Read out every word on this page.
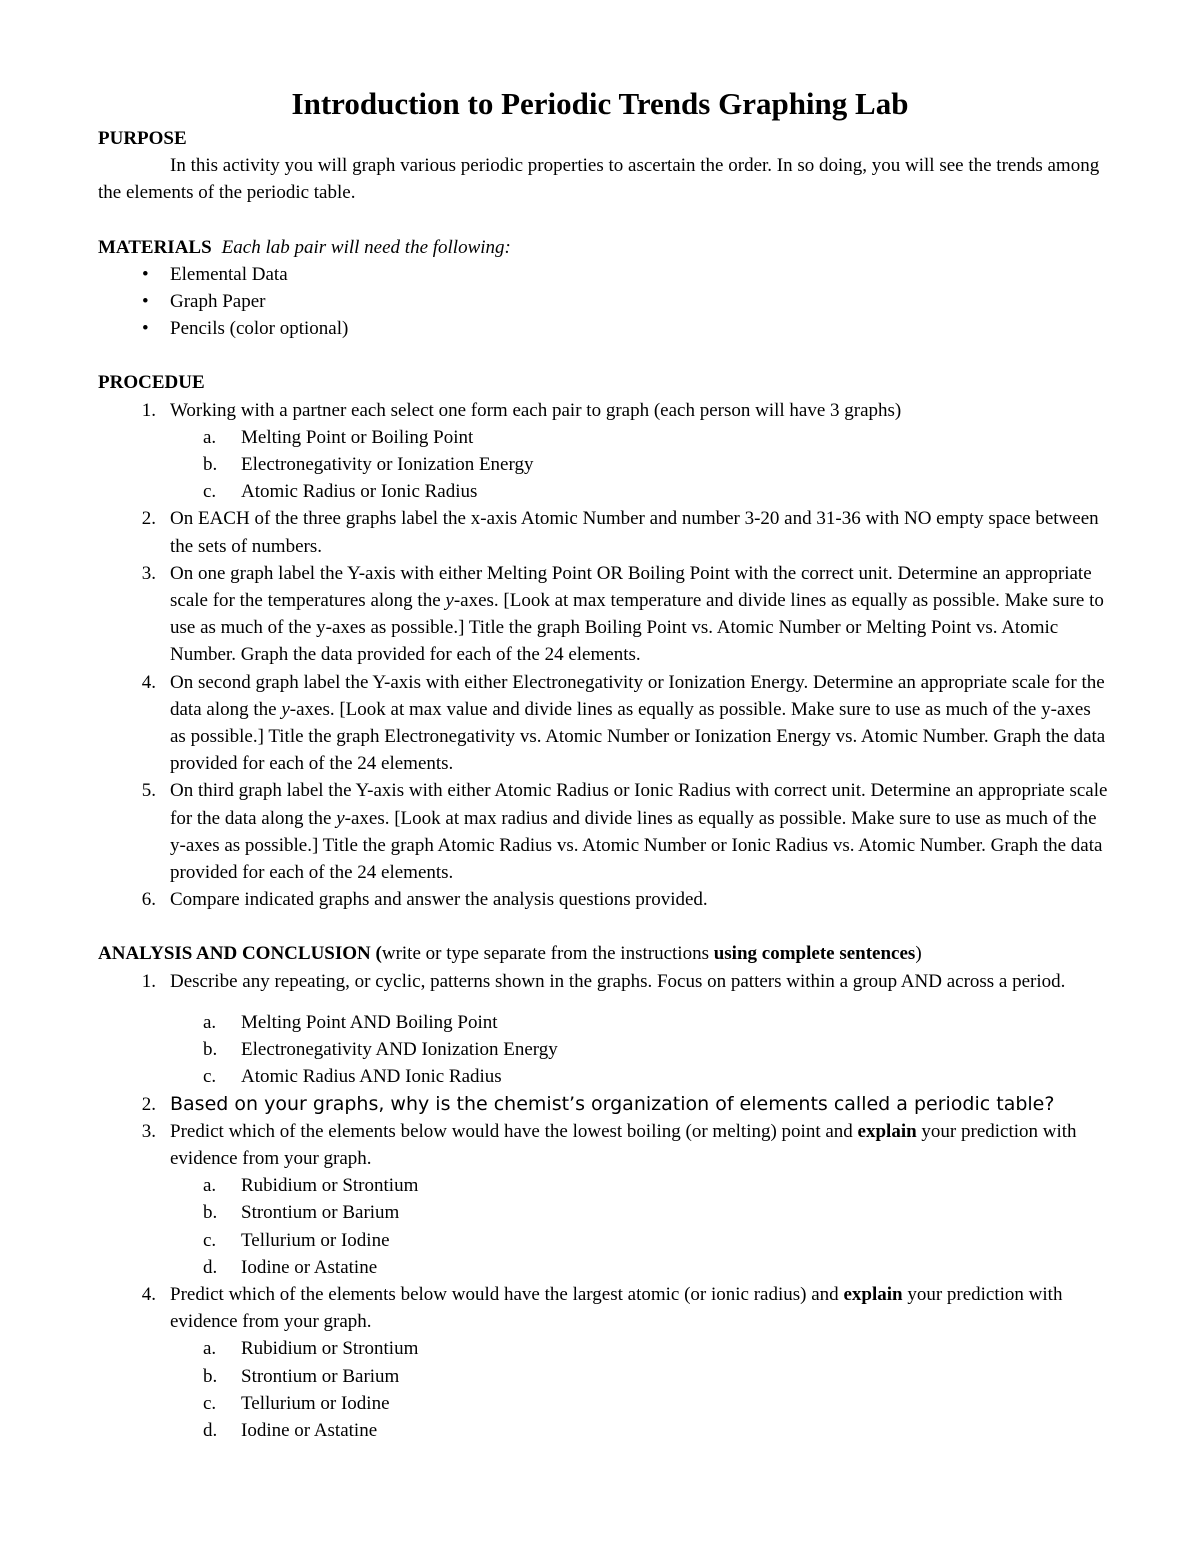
Introduction to Periodic Trends Graphing Lab
PURPOSE
In this activity you will graph various periodic properties to ascertain the order. In so doing, you will see the trends among the elements of the periodic table.
MATERIALS Each lab pair will need the following:
• Elemental Data
• Graph Paper
• Pencils (color optional)
PROCEDUE
1. Working with a partner each select one form each pair to graph (each person will have 3 graphs)
a. Melting Point or Boiling Point
b. Electronegativity or Ionization Energy
c. Atomic Radius or Ionic Radius
2. On EACH of the three graphs label the x-axis Atomic Number and number 3-20 and 31-36 with NO empty space between the sets of numbers.
3. On one graph label the Y-axis with either Melting Point OR Boiling Point with the correct unit. Determine an appropriate scale for the temperatures along the y-axes. [Look at max temperature and divide lines as equally as possible. Make sure to use as much of the y-axes as possible.] Title the graph Boiling Point vs. Atomic Number or Melting Point vs. Atomic Number. Graph the data provided for each of the 24 elements.
4. On second graph label the Y-axis with either Electronegativity or Ionization Energy. Determine an appropriate scale for the data along the y-axes. [Look at max value and divide lines as equally as possible. Make sure to use as much of the y-axes as possible.] Title the graph Electronegativity vs. Atomic Number or Ionization Energy vs. Atomic Number. Graph the data provided for each of the 24 elements.
5. On third graph label the Y-axis with either Atomic Radius or Ionic Radius with correct unit. Determine an appropriate scale for the data along the y-axes. [Look at max radius and divide lines as equally as possible. Make sure to use as much of the y-axes as possible.] Title the graph Atomic Radius vs. Atomic Number or Ionic Radius vs. Atomic Number. Graph the data provided for each of the 24 elements.
6. Compare indicated graphs and answer the analysis questions provided.
ANALYSIS AND CONCLUSION (write or type separate from the instructions using complete sentences)
1. Describe any repeating, or cyclic, patterns shown in the graphs. Focus on patters within a group AND across a period.
a. Melting Point AND Boiling Point
b. Electronegativity AND Ionization Energy
c. Atomic Radius AND Ionic Radius
2. Based on your graphs, why is the chemist’s organization of elements called a periodic table?
3. Predict which of the elements below would have the lowest boiling (or melting) point and explain your prediction with evidence from your graph.
a. Rubidium or Strontium
b. Strontium or Barium
c. Tellurium or Iodine
d. Iodine or Astatine
4. Predict which of the elements below would have the largest atomic (or ionic radius) and explain your prediction with evidence from your graph.
a. Rubidium or Strontium
b. Strontium or Barium
c. Tellurium or Iodine
d. Iodine or Astatine
